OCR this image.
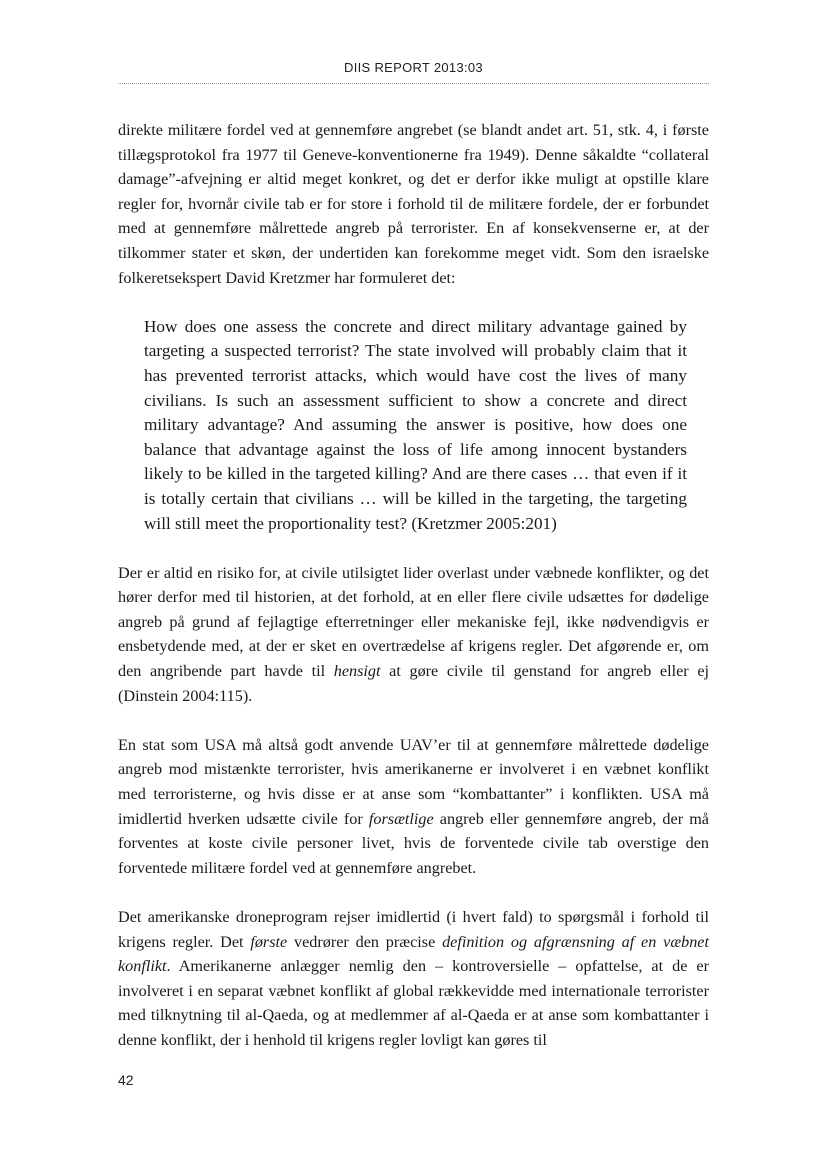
DIIS REPORT 2013:03

direkte militære fordel ved at gennemføre angrebet (se blandt andet art. 51, stk. 4, i første tillægsprotokol fra 1977 til Geneve-konventionerne fra 1949). Denne såkaldte “collateral damage”-afvejning er altid meget konkret, og det er derfor ikke muligt at opstille klare regler for, hvornår civile tab er for store i forhold til de militære fordele, der er forbundet med at gennemføre målrettede angreb på terrorister. En af konsekvenserne er, at der tilkommer stater et skøn, der undertiden kan forekomme meget vidt. Som den israelske folkeretsekspert David Kretzmer har formuleret det:

How does one assess the concrete and direct military advantage gained by targeting a suspected terrorist? The state involved will probably claim that it has prevented terrorist attacks, which would have cost the lives of many civilians. Is such an assessment sufficient to show a concrete and direct military advantage? And assuming the answer is positive, how does one balance that advantage against the loss of life among innocent bystanders likely to be killed in the targeted killing? And are there cases … that even if it is totally certain that civilians … will be killed in the targeting, the targeting will still meet the proportionality test? (Kretzmer 2005:201)

Der er altid en risiko for, at civile utilsigtet lider overlast under væbnede konflikter, og det hører derfor med til historien, at det forhold, at en eller flere civile udsættes for dødelige angreb på grund af fejlagtige efterretninger eller mekaniske fejl, ikke nødvendigvis er ensbetydende med, at der er sket en overtrædelse af krigens regler. Det afgørende er, om den angribende part havde til hensigt at gøre civile til genstand for angreb eller ej (Dinstein 2004:115).

En stat som USA må altså godt anvende UAV’er til at gennemføre målrettede dødelige angreb mod mistænkte terrorister, hvis amerikanerne er involveret i en væbnet konflikt med terroristerne, og hvis disse er at anse som “kombattanter” i konflikten. USA må imidlertid hverken udsætte civile for forsætlige angreb eller gennemføre angreb, der må forventes at koste civile personer livet, hvis de forventede civile tab overstige den forventede militære fordel ved at gennemføre angrebet.

Det amerikanske droneprogram rejser imidlertid (i hvert fald) to spørgsmål i forhold til krigens regler. Det første vedrører den præcise definition og afgrænsning af en væbnet konflikt. Amerikanerne anlægger nemlig den – kontroversielle – opfattelse, at de er involveret i en separat væbnet konflikt af global rækkevidde med internationale terrorister med tilknytning til al-Qaeda, og at medlemmer af al-Qaeda er at anse som kombattanter i denne konflikt, der i henhold til krigens regler lovligt kan gøres til

42
